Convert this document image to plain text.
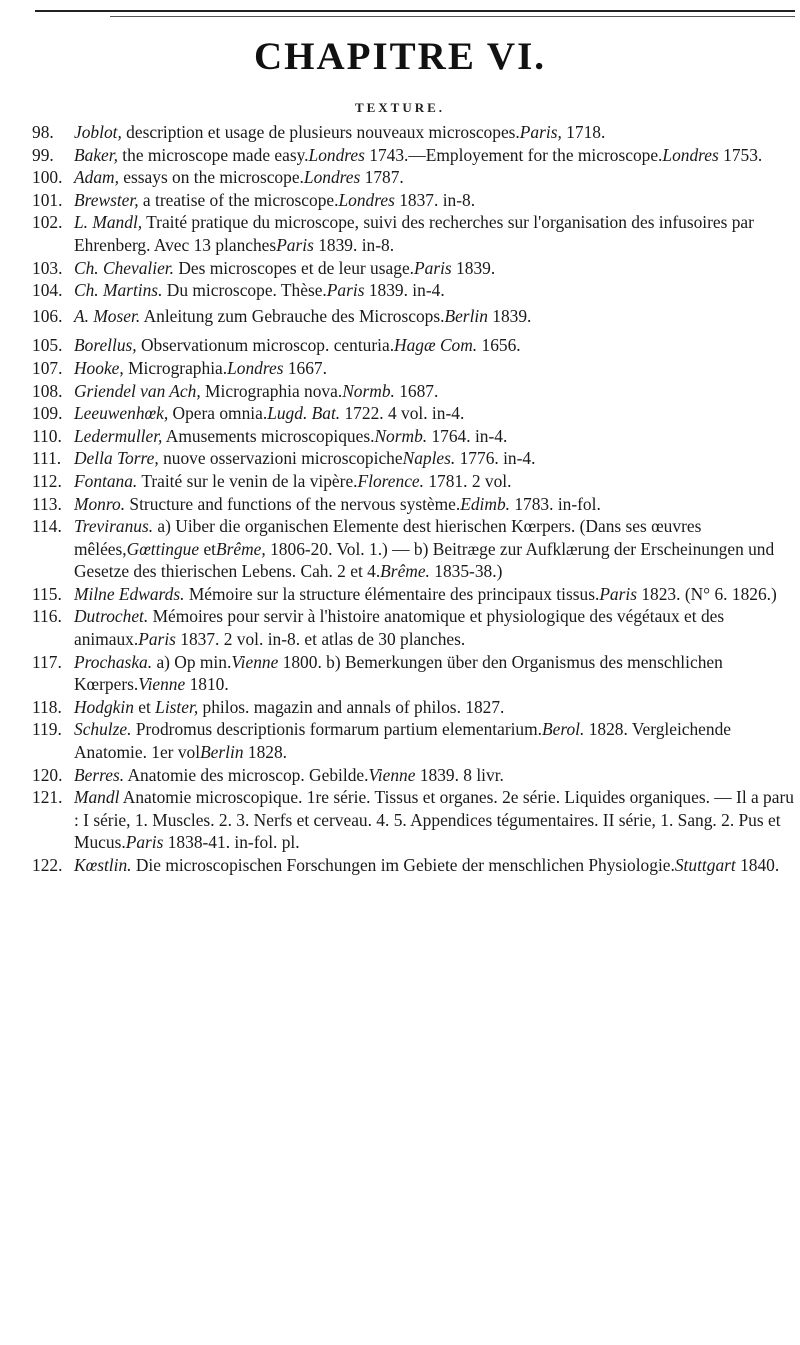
CHAPITRE VI.
TEXTURE.
98.	Joblot, description et usage de plusieurs nouveaux microscopes.Paris, 1718.
99.	Baker, the microscope made easy.Londres 1743.—Employement for the microscope.Londres 1753.
100. Adam, essays on the microscope.Londres 1787.
101. Brewster, a treatise of the microscope.Londres 1837. in-8.
102. L. Mandl, Traité pratique du microscope, suivi des recherches sur l'organisation des infusoires par Ehrenberg. Avec 13 planchesParis 1839. in-8.
103. Ch. Chevalier. Des microscopes et de leur usage.Paris 1839.
104. Ch. Martins. Du microscope. Thèse.Paris 1839. in-4.
106. A. Moser. Anleitung zum Gebrauche des Microscops.Berlin 1839.
105. Borellus, Observationum microscop. centuria.Hagæ Com. 1656.
107. Hooke, Micrographia.Londres 1667.
108. Griendel van Ach, Micrographia nova.Normb. 1687.
109. Leeuwenhœk, Opera omnia.Lugd. Bat. 1722. 4 vol. in-4.
110. Ledermuller, Amusements microscopiques.Normb. 1764. in-4.
111. Della Torre, nuove osservazioni microscopicheNaples. 1776. in-4.
112. Fontana. Traité sur le venin de la vipère.Florence. 1781. 2 vol.
113. Monro. Structure and functions of the nervous système.Edimb. 1783. in-fol.
114. Treviranus. a) Uiber die organischen Elemente dest hierischen Kœrpers. (Dans ses œuvres mêlées,Gœttingue etBrême, 1806-20. Vol. 1.) — b) Beitræge zur Aufklærung der Erscheinungen und Gesetze des thierischen Lebens. Cah. 2 et 4.Brême. 1835-38.)
115. Milne Edwards. Mémoire sur la structure élémentaire des principaux tissus.Paris 1823. (N° 6. 1826.)
116. Dutrochet. Mémoires pour servir à l'histoire anatomique et physiologique des végétaux et des animaux.Paris 1837. 2 vol. in-8. et atlas de 30 planches.
117. Prochaska. a) Op min.Vienne 1800. b) Bemerkungen über den Organismus des menschlichen Kœrpers.Vienne 1810.
118. Hodgkin et Lister, philos. magazin and annals of philos. 1827.
119. Schulze. Prodromus descriptionis formarum partium elementarium.Berol. 1828. Vergleichende Anatomie. 1er volBerlin 1828.
120. Berres. Anatomie des microscop. Gebilde.Vienne 1839. 8 livr.
121. Mandl Anatomie microscopique. 1re série. Tissus et organes. 2e série. Liquides organiques. — Il a paru : I série, 1. Muscles. 2. 3. Nerfs et cerveau. 4. 5. Appendices tégumentaires. II série, 1. Sang. 2. Pus et Mucus.Paris 1838-41. in-fol. pl.
122. Kœstlin. Die microscopischen Forschungen im Gebiete der menschlichen Physiologie.Stuttgart 1840.
